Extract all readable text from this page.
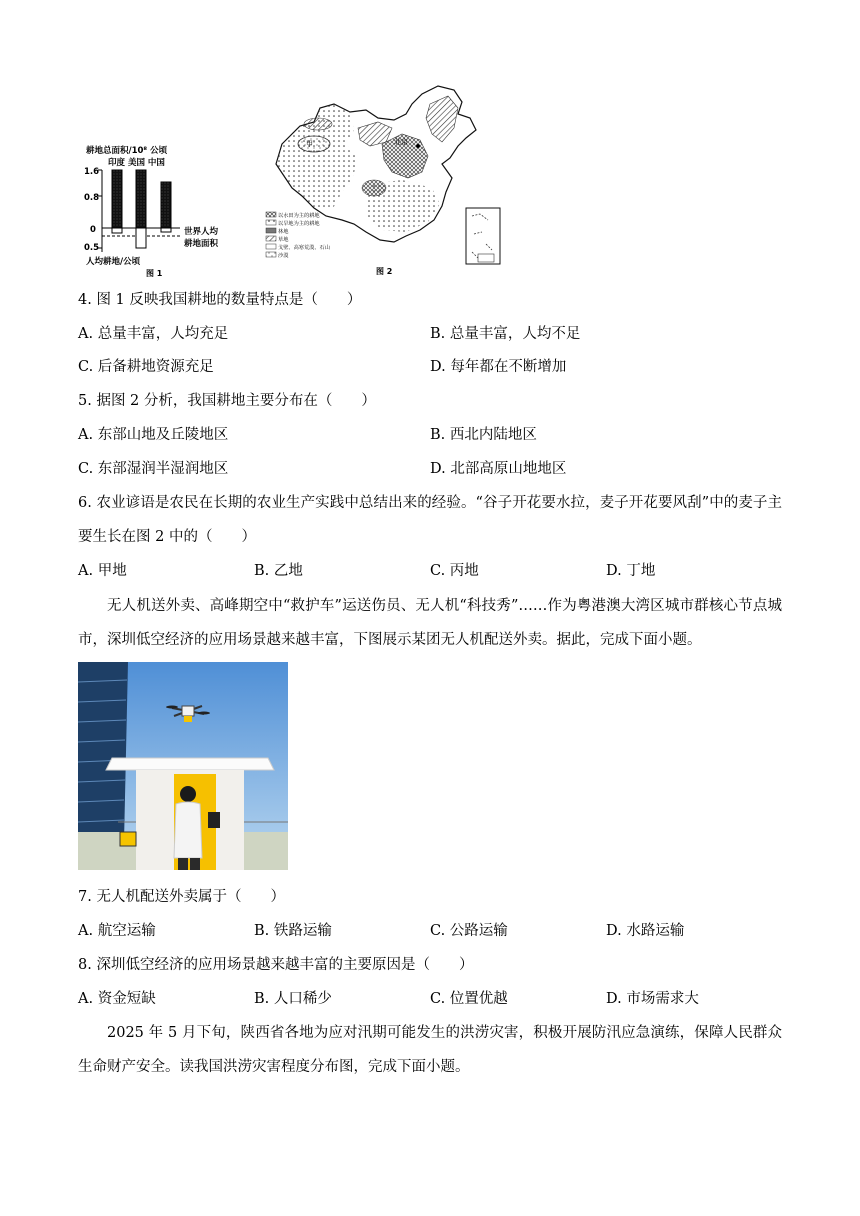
耕地总面积/10⁸ 公顷
印度 美国 中国
1.6
0.8
0
0.5
世界人均
耕地面积
人均耕地/公顷
图 1
甲	北京
以水田为主的耕地
以旱地为主的耕地
林地
草地
戈壁、高寒荒漠、石山
沙漠
图 2
4. 图 1 反映我国耕地的数量特点是（　　）
A. 总量丰富，人均充足	B. 总量丰富，人均不足
C. 后备耕地资源充足	D. 每年都在不断增加
5. 据图 2 分析，我国耕地主要分布在（　　）
A. 东部山地及丘陵地区	B. 西北内陆地区
C. 东部湿润半湿润地区	D. 北部高原山地地区
6. 农业谚语是农民在长期的农业生产实践中总结出来的经验。“谷子开花要水拉，麦子开花要风刮”中的麦子主要生长在图 2 中的（　　）
A. 甲地	B. 乙地	C. 丙地	D. 丁地
无人机送外卖、高峰期空中“救护车”运送伤员、无人机“科技秀”……作为粤港澳大湾区城市群核心节点城市，深圳低空经济的应用场景越来越丰富，下图展示某团无人机配送外卖。据此，完成下面小题。
7. 无人机配送外卖属于（　　）
A. 航空运输	B. 铁路运输	C. 公路运输	D. 水路运输
8. 深圳低空经济的应用场景越来越丰富的主要原因是（　　）
A. 资金短缺	B. 人口稀少	C. 位置优越	D. 市场需求大
2025 年 5 月下旬，陕西省各地为应对汛期可能发生的洪涝灾害，积极开展防汛应急演练，保障人民群众生命财产安全。读我国洪涝灾害程度分布图，完成下面小题。
